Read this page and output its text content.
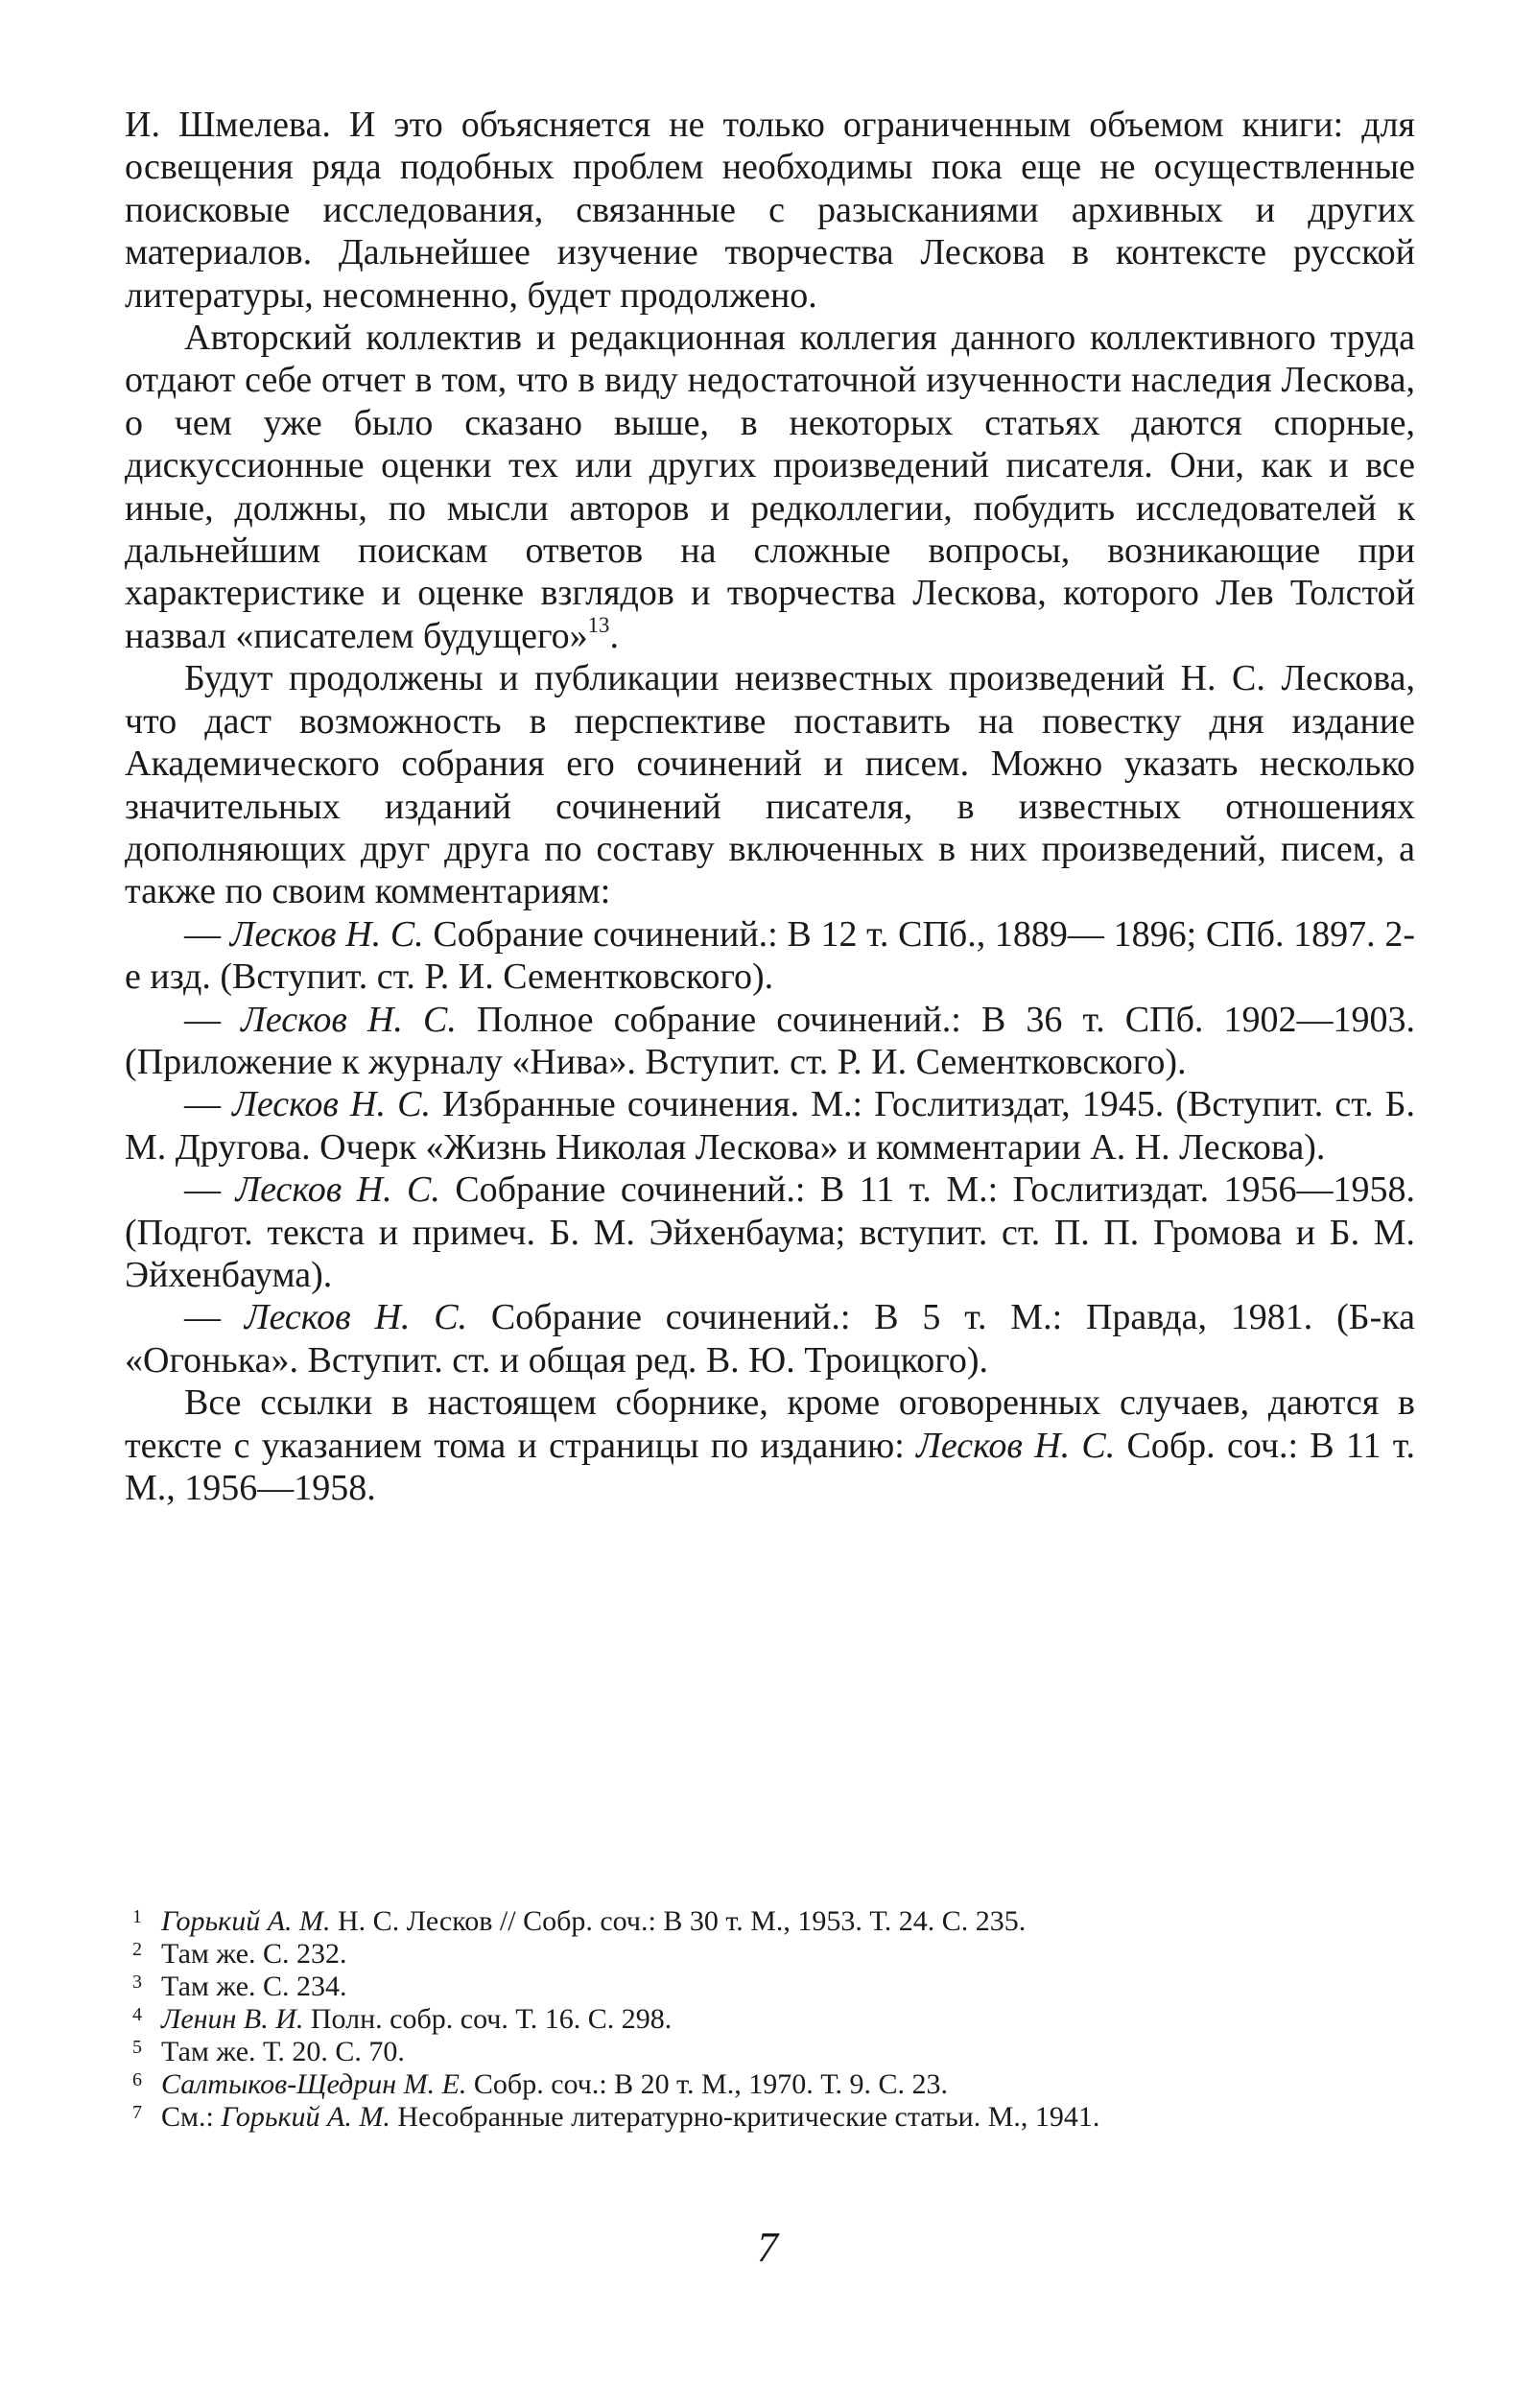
И. Шмелева. И это объясняется не только ограниченным объемом книги: для освещения ряда подобных проблем необходимы пока еще не осуществленные поисковые исследования, связанные с разысканиями архивных и других материалов. Дальнейшее изучение творчества Лескова в контексте русской литературы, несомненно, будет продолжено.

Авторский коллектив и редакционная коллегия данного коллективного труда отдают себе отчет в том, что в виду недостаточной изученности наследия Лескова, о чем уже было сказано выше, в некоторых статьях даются спорные, дискуссионные оценки тех или других произведений писателя. Они, как и все иные, должны, по мысли авторов и редколлегии, побудить исследователей к дальнейшим поискам ответов на сложные вопросы, возникающие при характеристике и оценке взглядов и творчества Лескова, которого Лев Толстой назвал «писателем будущего»$^{13}$.

Будут продолжены и публикации неизвестных произведений Н. С. Лескова, что даст возможность в перспективе поставить на повестку дня издание Академического собрания его сочинений и писем. Можно указать несколько значительных изданий сочинений писателя, в известных отношениях дополняющих друг друга по составу включенных в них произведений, писем, а также по своим комментариям:

— Лесков Н. С. Собрание сочинений.: В 12 т. СПб., 1889— 1896; СПб. 1897. 2-е изд. (Вступит. ст. Р. И. Сементковского).

— Лесков Н. С. Полное собрание сочинений.: В 36 т. СПб. 1902—1903. (Приложение к журналу «Нива». Вступит. ст. Р. И. Сементковского).

— Лесков Н. С. Избранные сочинения. М.: Гослитиздат, 1945. (Вступит. ст. Б. М. Другова. Очерк «Жизнь Николая Лескова» и комментарии А. Н. Лескова).

— Лесков Н. С. Собрание сочинений.: В 11 т. М.: Гослитиздат. 1956—1958. (Подгот. текста и примеч. Б. М. Эйхенбаума; вступит. ст. П. П. Громова и Б. М. Эйхенбаума).

— Лесков Н. С. Собрание сочинений.: В 5 т. М.: Правда, 1981. (Б-ка «Огонька». Вступит. ст. и общая ред. В. Ю. Троицкого).

Все ссылки в настоящем сборнике, кроме оговоренных случаев, даются в тексте с указанием тома и страницы по изданию: Лесков Н. С. Собр. соч.: В 11 т. М., 1956—1958.

1 Горький А. М. Н. С. Лесков // Собр. соч.: В 30 т. М., 1953. Т. 24. С. 235.
2 Там же. С. 232.
3 Там же. С. 234.
4 Ленин В. И. Полн. собр. соч. Т. 16. С. 298.
5 Там же. Т. 20. С. 70.
6 Салтыков-Щедрин М. Е. Собр. соч.: В 20 т. М., 1970. Т. 9. С. 23.
7 См.: Горький А. М. Несобранные литературно-критические статьи. М., 1941.
7
